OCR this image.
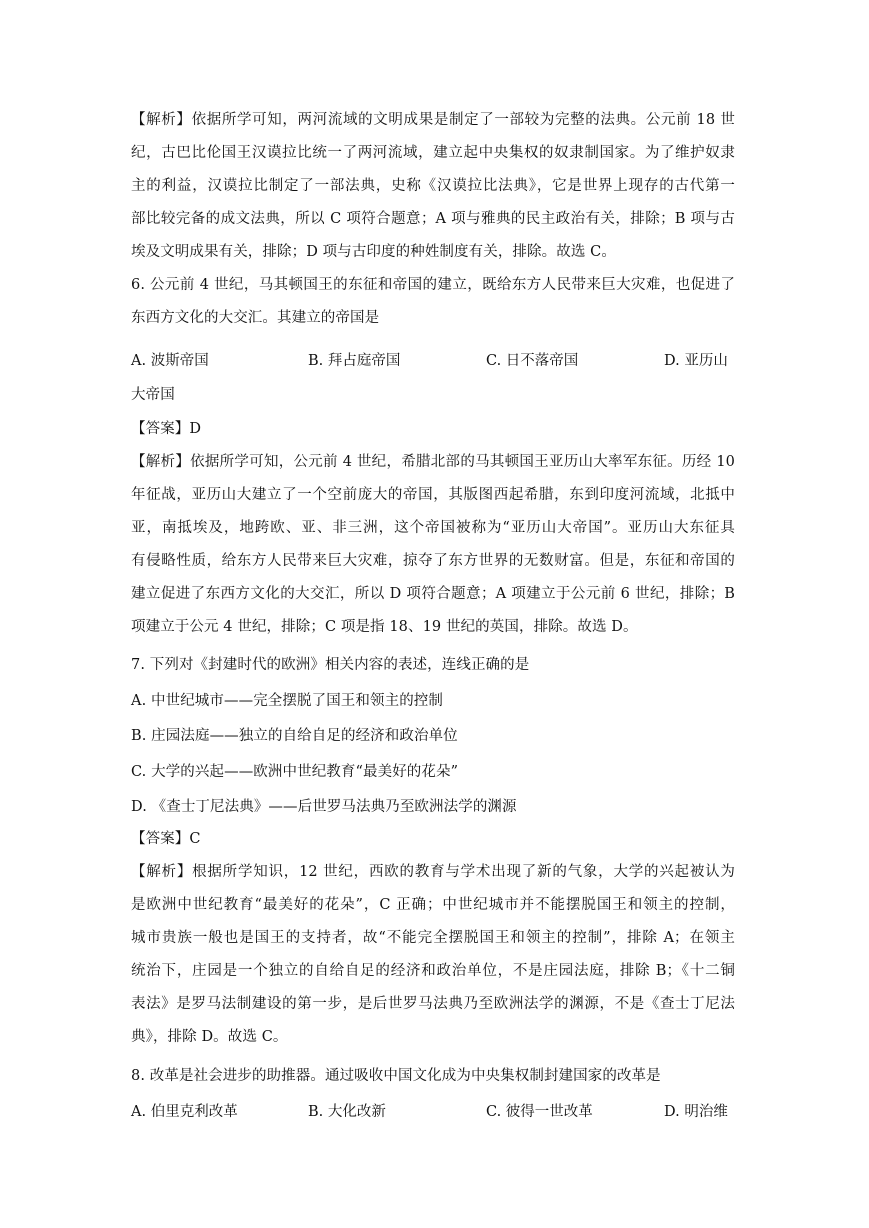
【解析】依据所学可知，两河流域的文明成果是制定了一部较为完整的法典。公元前 18 世
纪，古巴比伦国王汉谟拉比统一了两河流域，建立起中央集权的奴隶制国家。为了维护奴隶
主的利益，汉谟拉比制定了一部法典，史称《汉谟拉比法典》，它是世界上现存的古代第一
部比较完备的成文法典，所以 C 项符合题意；A 项与雅典的民主政治有关，排除；B 项与古
埃及文明成果有关，排除；D 项与古印度的种姓制度有关，排除。故选 C。
6. 公元前 4 世纪，马其顿国王的东征和帝国的建立，既给东方人民带来巨大灾难，也促进了
东西方文化的大交汇。其建立的帝国是
A. 波斯帝国	B. 拜占庭帝国	C. 日不落帝国	D. 亚历山
大帝国
【答案】D
【解析】依据所学可知，公元前 4 世纪，希腊北部的马其顿国王亚历山大率军东征。历经 10
年征战，亚历山大建立了一个空前庞大的帝国，其版图西起希腊，东到印度河流域，北抵中
亚，南抵埃及，地跨欧、亚、非三洲，这个帝国被称为“亚历山大帝国”。亚历山大东征具
有侵略性质，给东方人民带来巨大灾难，掠夺了东方世界的无数财富。但是，东征和帝国的
建立促进了东西方文化的大交汇，所以 D 项符合题意；A 项建立于公元前 6 世纪，排除；B
项建立于公元 4 世纪，排除；C 项是指 18、19 世纪的英国，排除。故选 D。
7. 下列对《封建时代的欧洲》相关内容的表述，连线正确的是
A. 中世纪城市——完全摆脱了国王和领主的控制
B. 庄园法庭——独立的自给自足的经济和政治单位
C. 大学的兴起——欧洲中世纪教育“最美好的花朵”
D. 《查士丁尼法典》——后世罗马法典乃至欧洲法学的渊源
【答案】C
【解析】根据所学知识，12 世纪，西欧的教育与学术出现了新的气象，大学的兴起被认为
是欧洲中世纪教育“最美好的花朵”，C 正确；中世纪城市并不能摆脱国王和领主的控制，
城市贵族一般也是国王的支持者，故“不能完全摆脱国王和领主的控制”，排除 A；在领主
统治下，庄园是一个独立的自给自足的经济和政治单位，不是庄园法庭，排除 B；《十二铜
表法》是罗马法制建设的第一步，是后世罗马法典乃至欧洲法学的渊源，不是《查士丁尼法
典》，排除 D。故选 C。
8. 改革是社会进步的助推器。通过吸收中国文化成为中央集权制封建国家的改革是
A. 伯里克利改革	B. 大化改新	C. 彼得一世改革	D. 明治维
